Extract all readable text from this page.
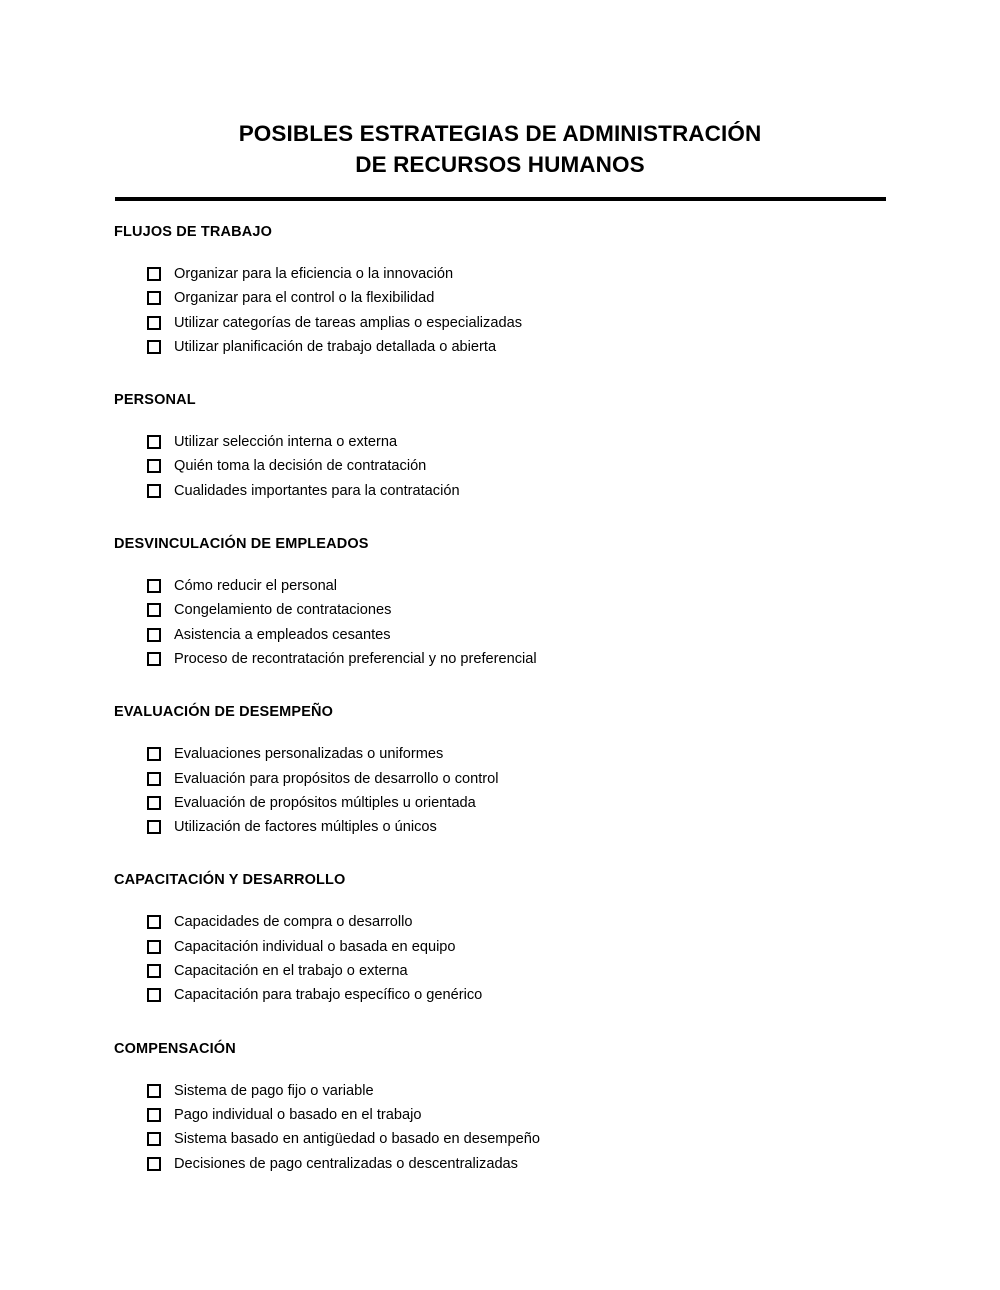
POSIBLES ESTRATEGIAS DE ADMINISTRACIÓN
DE RECURSOS HUMANOS
FLUJOS DE TRABAJO
Organizar para la eficiencia o la innovación
Organizar para el control o la flexibilidad
Utilizar categorías de tareas amplias o especializadas
Utilizar planificación de trabajo detallada o abierta
PERSONAL
Utilizar selección interna o externa
Quién toma la decisión de contratación
Cualidades importantes para la contratación
DESVINCULACIÓN DE EMPLEADOS
Cómo reducir el personal
Congelamiento de contrataciones
Asistencia a empleados cesantes
Proceso de recontratación preferencial y no preferencial
EVALUACIÓN DE DESEMPEÑO
Evaluaciones personalizadas o uniformes
Evaluación para propósitos de desarrollo o control
Evaluación de propósitos múltiples u orientada
Utilización de factores múltiples o únicos
CAPACITACIÓN Y DESARROLLO
Capacidades de compra o desarrollo
Capacitación individual o basada en equipo
Capacitación en el trabajo o externa
Capacitación para trabajo específico o genérico
COMPENSACIÓN
Sistema de pago fijo o variable
Pago individual o basado en el trabajo
Sistema basado en antigüedad o basado en desempeño
Decisiones de pago centralizadas o descentralizadas
